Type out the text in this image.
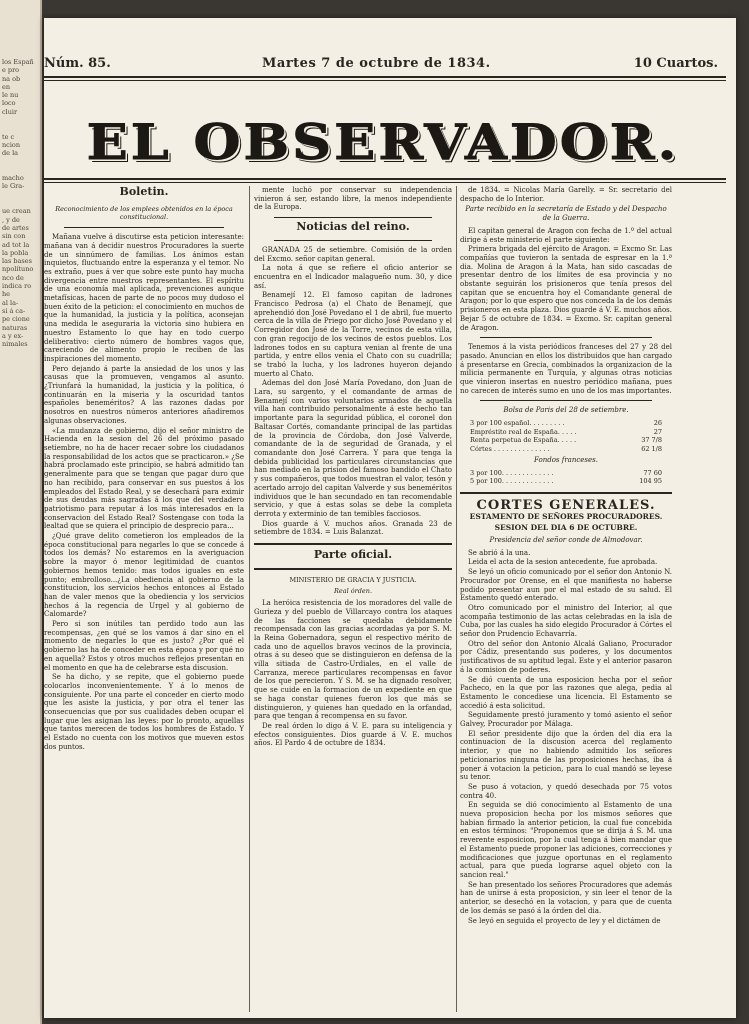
los Españ
e pro
na ob
en
le nu
loco
cluir

te c
ncion
de la

macho
le Gra-

ue crean
, y de
de artes
sin con
ad tot la
la pobla
las bases
npolítuno
nco de
indica ro
he
al la-
si á ca-
pe cione
naturas
a y ex-
nimales
Núm. 85.	Martes 7 de octubre de 1834.	10 Cuartos.
EL OBSERVADOR.
Boletin.
Reconocimiento de los emplees obtenidos en la época constitucional.

Mañana vuelve á discutirse esta peticion interesante: mañana van á decidir nuestros Procuradores la suerte de un sinnúmero de familias. Los ánimos estan inquietos, fluctuando entre la esperanza y el temor. No es extraño, pues á ver que sobre este punto hay mucha divergencia entre nuestros representantes. El espíritu de una economía mal aplicada, prevenciones aunque metafísicas, hacen de parte de no pocos muy dudoso el buen éxito de la peticion: el conocimiento en muchos de que la humanidad, la justicia y la política, aconsejan una medida le aseguraria la victoria sino hubiera en nuestro Estamento lo que hay en todo cuerpo deliberativo: cierto número de hombres vagos que, careciendo de alimento propio le reciben de las inspiraciones del momento.

Pero dejando á parte la ansiedad de los unos y las causas que la promueven, vengamos al asunto. ¿Triunfará la humanidad, la justicia y la política, ó continuarán en la miseria y la oscuridad tantos españoles beneméritos? A las razones dadas por nosotros en nuestros números anteriores añadiremos algunas observaciones.

«La mudanza de gobierno, dijo el señor ministro de Hacienda en la sesion del 26 del próximo pasado setiembre, no ha de hacer recaer sobre los ciudadanos la responsabilidad de los actos que se practicaron.» ¿Se habrá proclamado este principio, se habrá admitido tan generalmente para que se tengan que pagar duro que no han recibido, para conservar en sus puestos á los empleados del Estado Real, y se desechará para eximir de sus deudas más sagradas á los que del verdadero patriotismo para reputar á los más interesados en la conservacion del Estado Real? Sostengase con toda la lealtad que se quiera el principio de desprecio para...

¿Qué grave delito cometieron los empleados de la época constitucional para negarles lo que se concede á todos los demás? No estaremos en la averiguacion sobre la mayor ó menor legitimidad de cuantos gobiernos hemos tenido: mas todos iguales en este punto; embrolloso...¿La obediencia al gobierno de la constitucion, los servicios hechos entonces al Estado han de valer menos que la obediencia y los servicios hechos á la regencia de Urgel y al gobierno de Calomarde?

Pero si son inútiles tan perdido todo aun las recompensas, ¿en qué se los vamos á dar sino en el momento de negarles lo que es justo? ¿Por qué el gobierno las ha de conceder en esta época y por qué no en aquella? Estos y otros muchos reflejos presentan en el momento en que ha de celebrarse esta discusion.

Se ha dicho, y se repite, que el gobierno puede colocarlos inconvenientemente. Y á lo menos de consiguiente. Por una parte el conceder en cierto modo que les asiste la justicia, y por otra el tener las consecuencias que por sus cualidades deben ocupar el lugar que les asignan las leyes: por lo pronto, aquellas que tantos merecen de todos los hombres de Estado. Y el Estado no cuenta con los motivos que mueven estos dos puntos.

mente luchó por conservar su independencia vinieron á ser, estando libre, la menos independiente de la Europa.

Noticias del reino.

GRANADA 25 de setiembre. Comisión de la orden del Excmo. señor capitan general.

La nota á que se refiere el oficio anterior se encuentra en el Indicador malagueño num. 30, y dice así.

Benamejí 12. El famoso capitan de ladrones Francisco Pedrosa (a) el Chato de Benamejí, que aprehendió don José Povedano el 1 de abril, fue muerto cerca de la villa de Priego por dicho José Povedano y el Corregidor don José de la Torre, vecinos de esta villa, con gran regocijo de los vecinos de estos pueblos. Los ladrones todos en su captura venian al frente de una partida, y entre ellos venia el Chato con su cuadrilla; se trabó la lucha, y los ladrones huyeron dejando muerto al Chato.

Ademas del don José María Povedano, don Juan de Lara, su sargento, y el comandante de armas de Benamejí con varios voluntarios armados de aquella villa han contribuido personalmente á este hecho tan importante para la seguridad pública, el coronel don Baltasar Cortés, comandante principal de las partidas de la provincia de Córdoba, don José Valverde, comandante de la de seguridad de Granada, y el comandante don José Carrera. Y para que tenga la debida publicidad los particulares circunstancias que han mediado en la prision del famoso bandido el Chato y sus compañeros, que todos muestran el valor, tesón y acertado arrojo del capitan Valverde y sus beneméritos individuos que le han secundado en tan recomendable servicio, y que á estas solas se debe la completa derrota y exterminio de tan temibles facciosos.

Dios guarde á V. muchos años. Granada 23 de setiembre de 1834. = Luis Balanzat.

Parte oficial.
MINISTERIO DE GRACIA Y JUSTICIA.
Real órden.

La heróica resistencia de los moradores del valle de Gurieza y del pueblo de Villarcayo contra los ataques de las facciones se quedaba debidamente recompensada con las gracias acordadas ya por S. M. la Reina Gobernadora, segun el respectivo mérito de cada uno de aquellos bravos vecinos de la provincia, otras á su deseo que se distinguieron en defensa de la villa sitiada de Castro-Urdiales, en el valle de Carranza, merece particulares recompensas en favor de los que perecieron. Y S. M. se ha dignado resolver, que se cuide en la formacion de un expediente en que se haga constar quienes fueron los que más se distinguieron, y quienes han quedado en la orfandad, para que tengan á recompensa en su favor.

De real órden lo digo á V. E. para su inteligencia y efectos consiguientes. Dios guarde á V. E. muchos años. El Pardo 4 de octubre de 1834.

de 1834. = Nicolas María Garelly. = Sr. secretario del despacho de lo Interior.

Parte recibido en la secretaría de Estado y del Despacho de la Guerra.

El capitan general de Aragon con fecha de 1.º del actual dirige á este ministerio el parte siguiente:

Primera brigada del ejército de Aragon. = Excmo Sr. Las compañías que tuvieron la sentada de espresar en la 1.ª dia. Molina de Aragon á la Mata, han sido cascadas de presentar dentro de los límites de esa provincia y no obstante seguirán los prisioneros que tenía presos del capitan que se encuentra hoy el Comandante general de Aragon; por lo que espero que nos conceda la de los demás prisioneros en esta plaza. Dios guarde á V. E. muchos años. Bejar 5 de octubre de 1834. = Excmo. Sr. capitan general de Aragon.

Tenemos á la vista periódicos franceses del 27 y 28 del pasado. Anuncian en ellos los distribuidos que han cargado á presentarse en Grecia, combinados la organizacion de la milicia permanente en Turquía, y algunas otras noticias que vinieron insertas en nuestro periódico mañana, pues no carecen de interés sumo en uno de los mas importantes.

Bolsa de Paris del 28 de setiembre.
3 por 100 español. . . . . . . . .	26
Empréstito real de España. . . . .	27
Renta perpetua de España. . . . .	37 7/8
Córtes . . . . . . . . . . . . . .	62 1/8
Fondos franceses.
3 por 100. . . . . . . . . . . . .	77 60
5 por 100. . . . . . . . . . . . .	104 95
CORTES GENERALES.
ESTAMENTO DE SEÑORES PROCURADORES.
SESION DEL DIA 6 DE OCTUBRE.
Presidencia del señor conde de Almodovar.

Se abrió á la una.

Leida el acta de la sesion antecedente, fue aprobada.

Se leyó un oficio comunicado por el señor don Antonio N. Procurador por Orense, en el que manifiesta no haberse podido presentar aun por el mal estado de su salud. El Estamento quedó enterado.

Otro comunicado por el ministro del Interior, al que acompaña testimonio de las actas celebradas en la isla de Cuba, por las cuales ha sido elegido Procurador á Córtes el señor don Prudencio Echavarría.

Otro del señor don Antonio Alcalá Galiano, Procurador por Cádiz, presentando sus poderes, y los documentos justificativos de su aptitud legal. Este y el anterior pasaron á la comision de poderes.

Se dió cuenta de una esposicion hecha por el señor Pacheco, en la que por las razones que alega, pedia al Estamento le concediese una licencia. El Estamento se accedió á esta solicitud.

Seguidamente prestó juramento y tomó asiento el señor Galvey, Procurador por Málaga.

El señor presidente dijo que la órden del dia era la continuacion de la discusion acerca del reglamento interior, y que no habiendo admitido los señores peticionarios ninguna de las proposiciones hechas, iba á poner á votacion la peticion, para lo cual mandó se leyese su tenor.

Se puso á votacion, y quedó desechada por 75 votos contra 40.

En seguida se dió conocimiento al Estamento de una nueva proposicion hecha por los mismos señores que habian firmado la anterior peticion, la cual fue concebida en estos términos: "Proponemos que se dirija á S. M. una reverente esposicion, por la cual tenga á bien mandar que el Estamento puede proponer las adiciones, correcciones y modificaciones que juzgue oportunas en el reglamento actual, para que pueda lograrse aquel objeto con la sancion real."

Se han presentado los señores Procuradores que además han de unirse á esta proposicion, y sin leer el tenor de la anterior, se desechó en la votacion, y para que de cuenta de los demás se pasó á la órden del dia.

Se leyó en seguida el proyecto de ley y el dictámen de
